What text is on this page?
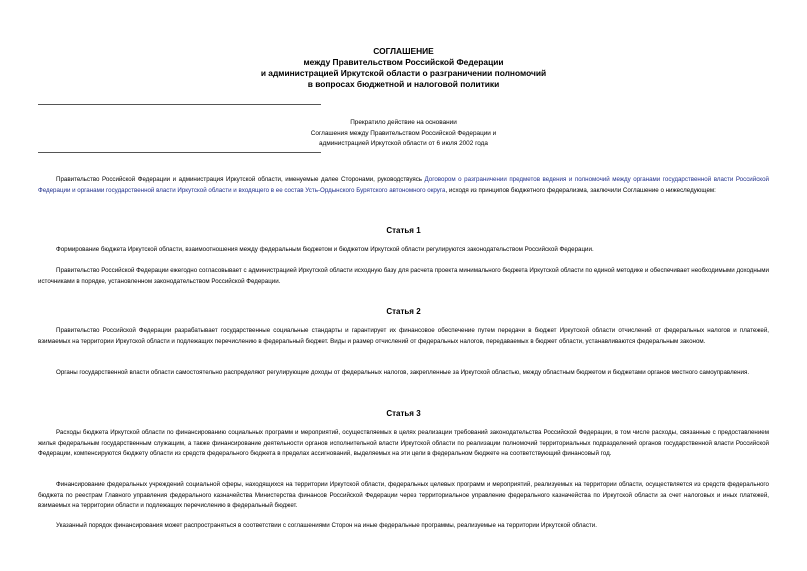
СОГЛАШЕНИЕ
между Правительством Российской Федерации
и администрацией Иркутской области о разграничении полномочий
в вопросах бюджетной и налоговой политики
Прекратило действие на основании
Соглашения между Правительством Российской Федерации и
администрацией Иркутской области от 6 июля 2002 года
Правительство Российской Федерации и администрация Иркутской области, именуемые далее Сторонами, руководствуясь Договором о разграничении предметов ведения и полномочий между органами государственной власти Российской Федерации и органами государственной власти Иркутской области и входящего в ее состав Усть-Ордынского Бурятского автономного округа, исходя из принципов бюджетного федерализма, заключили Соглашение о нижеследующем:
Статья 1
Формирование бюджета Иркутской области, взаимоотношения между федеральным бюджетом и бюджетом Иркутской области регулируются законодательством Российской Федерации.
Правительство Российской Федерации ежегодно согласовывает с администрацией Иркутской области исходную базу для расчета проекта минимального бюджета Иркутской области по единой методике и обеспечивает необходимыми доходными источниками в порядке, установленном законодательством Российской Федерации.
Статья 2
Правительство Российской Федерации разрабатывает государственные социальные стандарты и гарантирует их финансовое обеспечение путем передачи в бюджет Иркутской области отчислений от федеральных налогов и платежей, взимаемых на территории Иркутской области и подлежащих перечислению в федеральный бюджет. Виды и размер отчислений от федеральных налогов, передаваемых в бюджет области, устанавливаются федеральным законом.
Органы государственной власти области самостоятельно распределяют регулирующие доходы от федеральных налогов, закрепленные за Иркутской областью, между областным бюджетом и бюджетами органов местного самоуправления.
Статья 3
Расходы бюджета Иркутской области по финансированию социальных программ и мероприятий, осуществляемых в целях реализации требований законодательства Российской Федерации, в том числе расходы, связанные с предоставлением жилья федеральным государственным служащим, а также финансирование деятельности органов исполнительной власти Иркутской области по реализации полномочий территориальных подразделений органов государственной власти Российской Федерации, компенсируются бюджету области из средств федерального бюджета в пределах ассигнований, выделяемых на эти цели в федеральном бюджете на соответствующий финансовый год.
Финансирование федеральных учреждений социальной сферы, находящихся на территории Иркутской области, федеральных целевых программ и мероприятий, реализуемых на территории области, осуществляется из средств федерального бюджета по реестрам Главного управления федерального казначейства Министерства финансов Российской Федерации через территориальное управление федерального казначейства по Иркутской области за счет налоговых и иных платежей, взимаемых на территории области и подлежащих перечислению в федеральный бюджет.
Указанный порядок финансирования может распространяться в соответствии с соглашениями Сторон на иные федеральные программы, реализуемые на территории Иркутской области.
